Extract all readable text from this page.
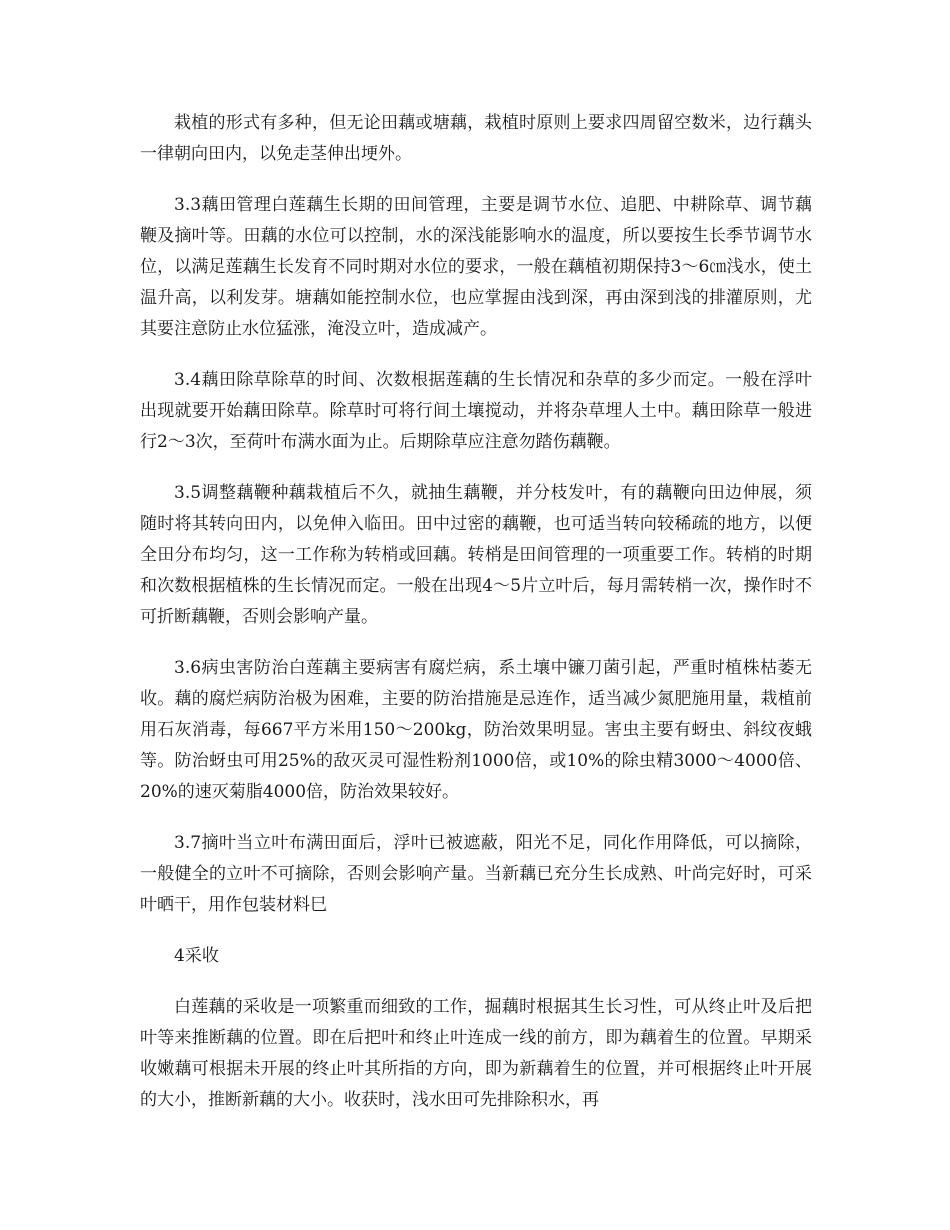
栽植的形式有多种，但无论田藕或塘藕，栽植时原则上要求四周留空数米，边行藕头一律朝向田内，以免走茎伸出埂外。

3.3藕田管理白莲藕生长期的田间管理，主要是调节水位、追肥、中耕除草、调节藕鞭及摘叶等。田藕的水位可以控制，水的深浅能影响水的温度，所以要按生长季节调节水位，以满足莲藕生长发育不同时期对水位的要求，一般在藕植初期保持3～6㎝浅水，使土温升高，以利发芽。塘藕如能控制水位，也应掌握由浅到深，再由深到浅的排灌原则，尤其要注意防止水位猛涨，淹没立叶，造成减产。

3.4藕田除草除草的时间、次数根据莲藕的生长情况和杂草的多少而定。一般在浮叶出现就要开始藕田除草。除草时可将行间土壤搅动，并将杂草埋人土中。藕田除草一般进行2～3次，至荷叶布满水面为止。后期除草应注意勿踏伤藕鞭。

3.5调整藕鞭种藕栽植后不久，就抽生藕鞭，并分枝发叶，有的藕鞭向田边伸展，须随时将其转向田内，以免伸入临田。田中过密的藕鞭，也可适当转向较稀疏的地方，以便全田分布均匀，这一工作称为转梢或回藕。转梢是田间管理的一项重要工作。转梢的时期和次数根据植株的生长情况而定。一般在出现4～5片立叶后，每月需转梢一次，操作时不可折断藕鞭，否则会影响产量。

3.6病虫害防治白莲藕主要病害有腐烂病，系土壤中镰刀菌引起，严重时植株枯萎无收。藕的腐烂病防治极为困难，主要的防治措施是忌连作，适当减少氮肥施用量，栽植前用石灰消毒，每667平方米用150～200kg，防治效果明显。害虫主要有蚜虫、斜纹夜蛾等。防治蚜虫可用25%的敌灭灵可湿性粉剂1000倍，或10%的除虫精3000～4000倍、20%的速灭菊脂4000倍，防治效果较好。

3.7摘叶当立叶布满田面后，浮叶已被遮蔽，阳光不足，同化作用降低，可以摘除，一般健全的立叶不可摘除，否则会影响产量。当新藕已充分生长成熟、叶尚完好时，可采叶晒干，用作包装材料巳

4采收

白莲藕的采收是一项繁重而细致的工作，掘藕时根据其生长习性，可从终止叶及后把叶等来推断藕的位置。即在后把叶和终止叶连成一线的前方，即为藕着生的位置。早期采收嫩藕可根据未开展的终止叶其所指的方向，即为新藕着生的位置，并可根据终止叶开展的大小，推断新藕的大小。收获时，浅水田可先排除积水，再
